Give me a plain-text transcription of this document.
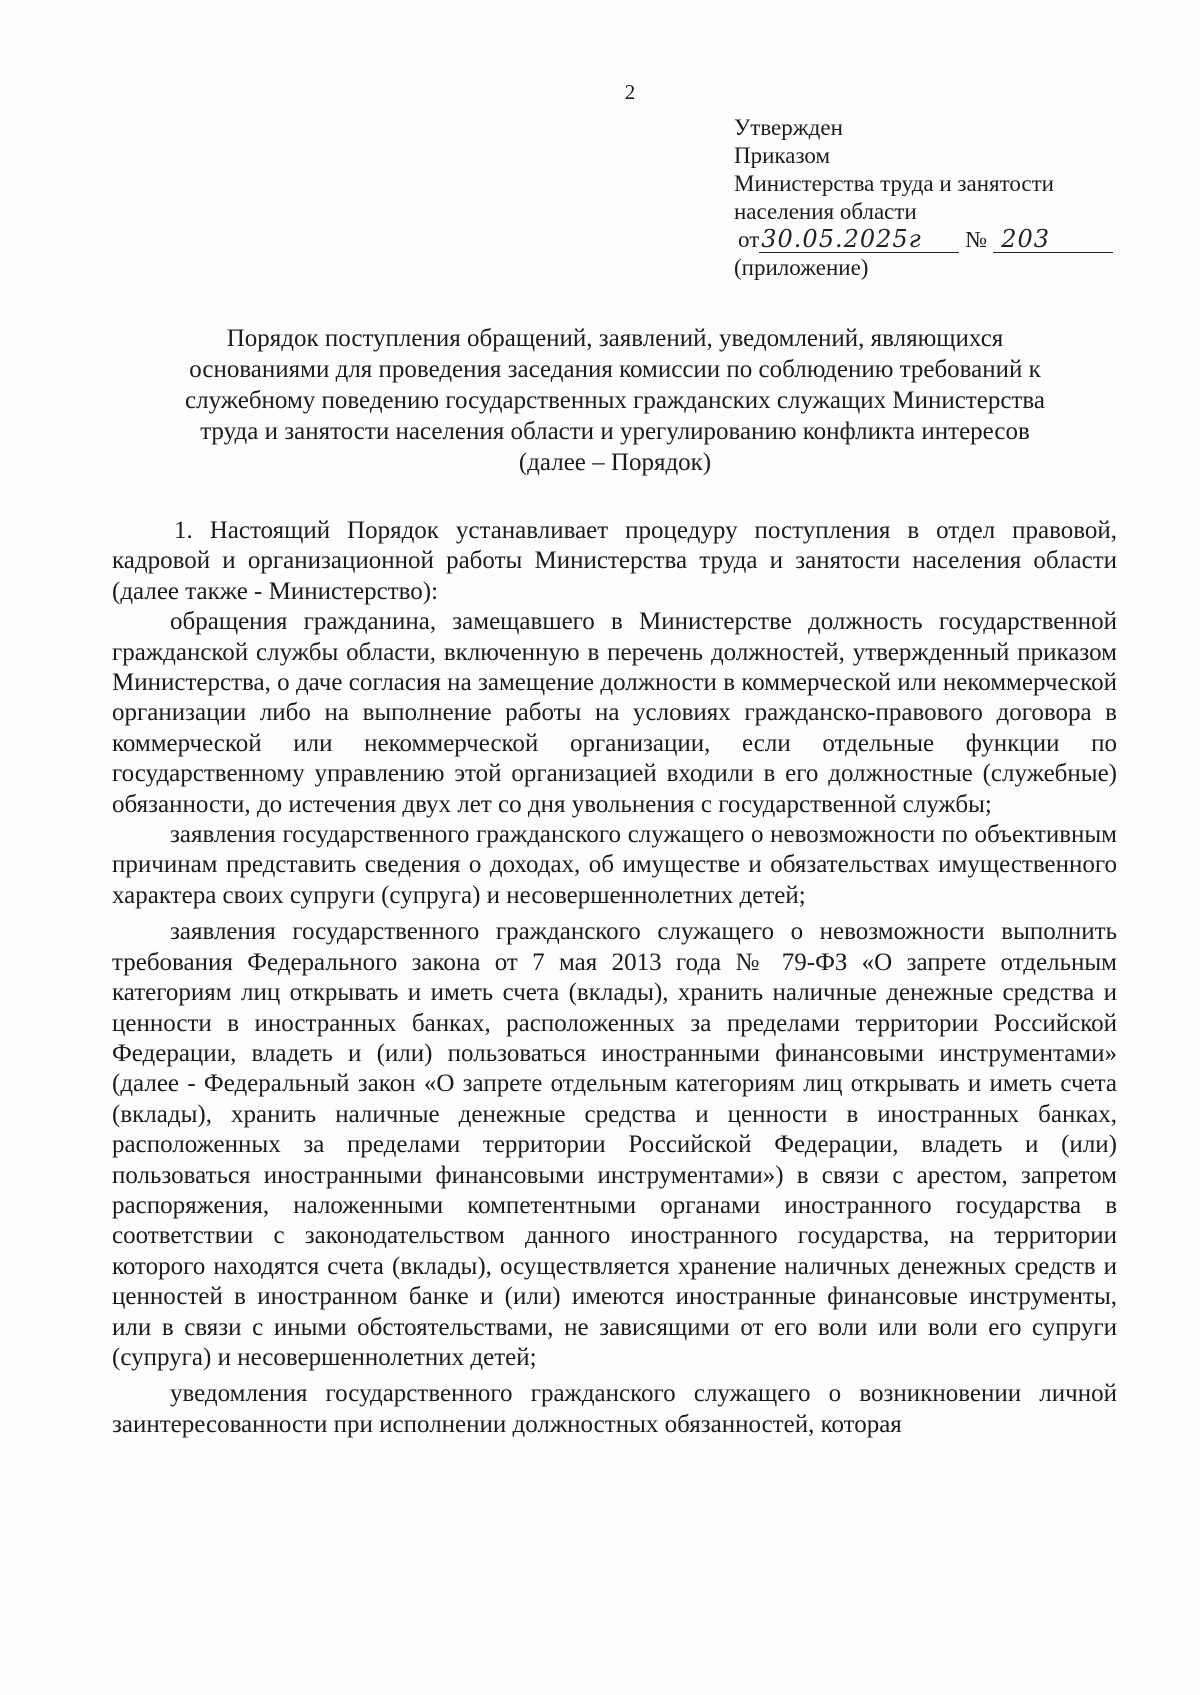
2
Утвержден
Приказом
Министерства труда и занятости
населения области
от30.05.2025г № 203
(приложение)
Порядок поступления обращений, заявлений, уведомлений, являющихся
основаниями для проведения заседания комиссии по соблюдению требований к
служебному поведению государственных гражданских служащих Министерства
труда и занятости населения области и урегулированию конфликта интересов
(далее – Порядок)

1. Настоящий Порядок устанавливает процедуру поступления в отдел правовой, кадровой и организационной работы Министерства труда и занятости населения области (далее также - Министерство):

обращения гражданина, замещавшего в Министерстве должность государственной гражданской службы области, включенную в перечень должностей, утвержденный приказом Министерства, о даче согласия на замещение должности в коммерческой или некоммерческой организации либо на выполнение работы на условиях гражданско-правового договора в коммерческой или некоммерческой организации, если отдельные функции по государственному управлению этой организацией входили в его должностные (служебные) обязанности, до истечения двух лет со дня увольнения с государственной службы;

заявления государственного гражданского служащего о невозможности по объективным причинам представить сведения о доходах, об имуществе и обязательствах имущественного характера своих супруги (супруга) и несовершеннолетних детей;

заявления государственного гражданского служащего о невозможности выполнить требования Федерального закона от 7 мая 2013 года № 79-ФЗ «О запрете отдельным категориям лиц открывать и иметь счета (вклады), хранить наличные денежные средства и ценности в иностранных банках, расположенных за пределами территории Российской Федерации, владеть и (или) пользоваться иностранными финансовыми инструментами» (далее - Федеральный закон «О запрете отдельным категориям лиц открывать и иметь счета (вклады), хранить наличные денежные средства и ценности в иностранных банках, расположенных за пределами территории Российской Федерации, владеть и (или) пользоваться иностранными финансовыми инструментами») в связи с арестом, запретом распоряжения, наложенными компетентными органами иностранного государства в соответствии с законодательством данного иностранного государства, на территории которого находятся счета (вклады), осуществляется хранение наличных денежных средств и ценностей в иностранном банке и (или) имеются иностранные финансовые инструменты, или в связи с иными обстоятельствами, не зависящими от его воли или воли его супруги (супруга) и несовершеннолетних детей;

уведомления государственного гражданского служащего о возникновении личной заинтересованности при исполнении должностных обязанностей, которая
